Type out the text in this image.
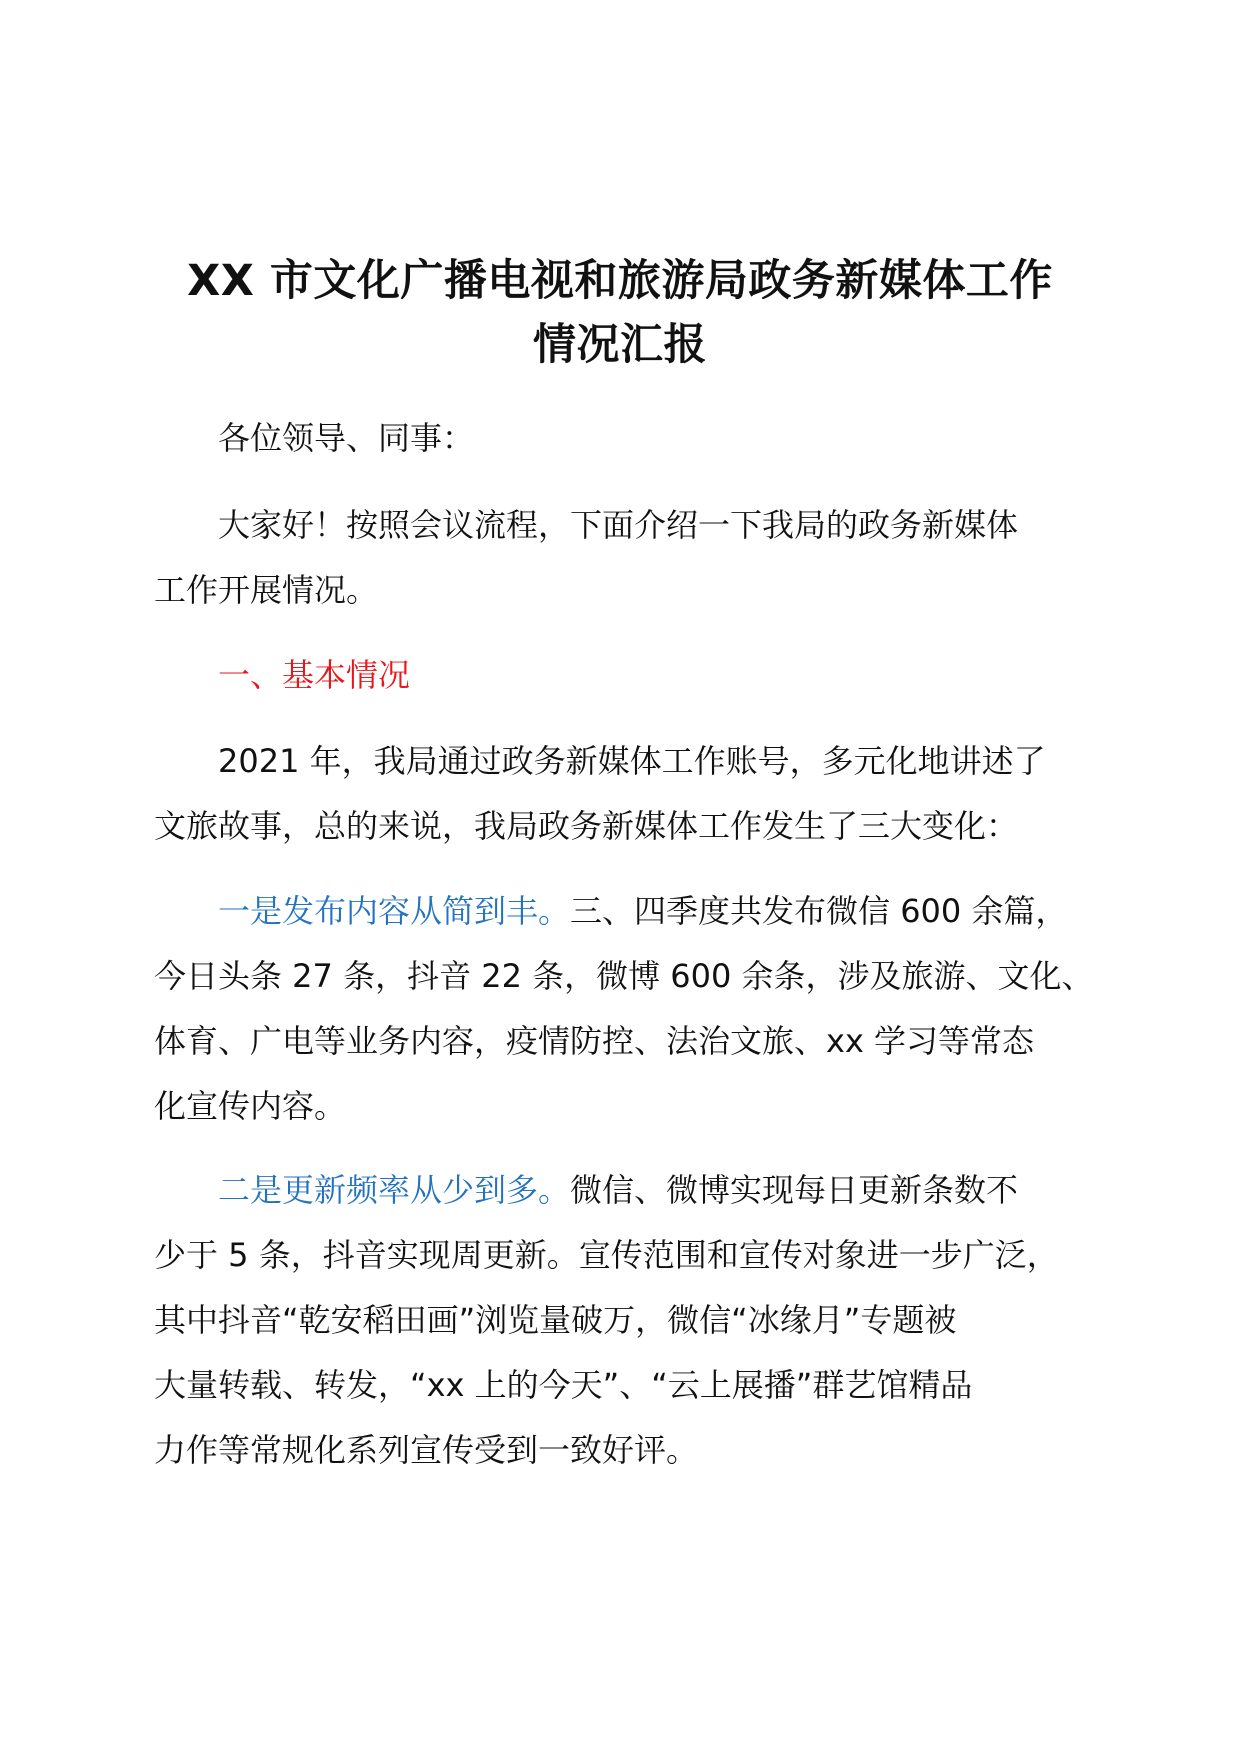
XX 市文化广播电视和旅游局政务新媒体工作
情况汇报
各位领导、同事：
大家好！按照会议流程，下面介绍一下我局的政务新媒体
工作开展情况。
一、基本情况
2021 年，我局通过政务新媒体工作账号，多元化地讲述了
文旅故事，总的来说，我局政务新媒体工作发生了三大变化：
一是发布内容从简到丰。三、四季度共发布微信 600 余篇，
今日头条 27 条，抖音 22 条，微博 600 余条，涉及旅游、文化、
体育、广电等业务内容，疫情防控、法治文旅、xx 学习等常态
化宣传内容。
二是更新频率从少到多。微信、微博实现每日更新条数不
少于 5 条，抖音实现周更新。宣传范围和宣传对象进一步广泛，
其中抖音“乾安稻田画”浏览量破万，微信“冰缘月”专题被
大量转载、转发，“xx 上的今天”、“云上展播”群艺馆精品
力作等常规化系列宣传受到一致好评。
